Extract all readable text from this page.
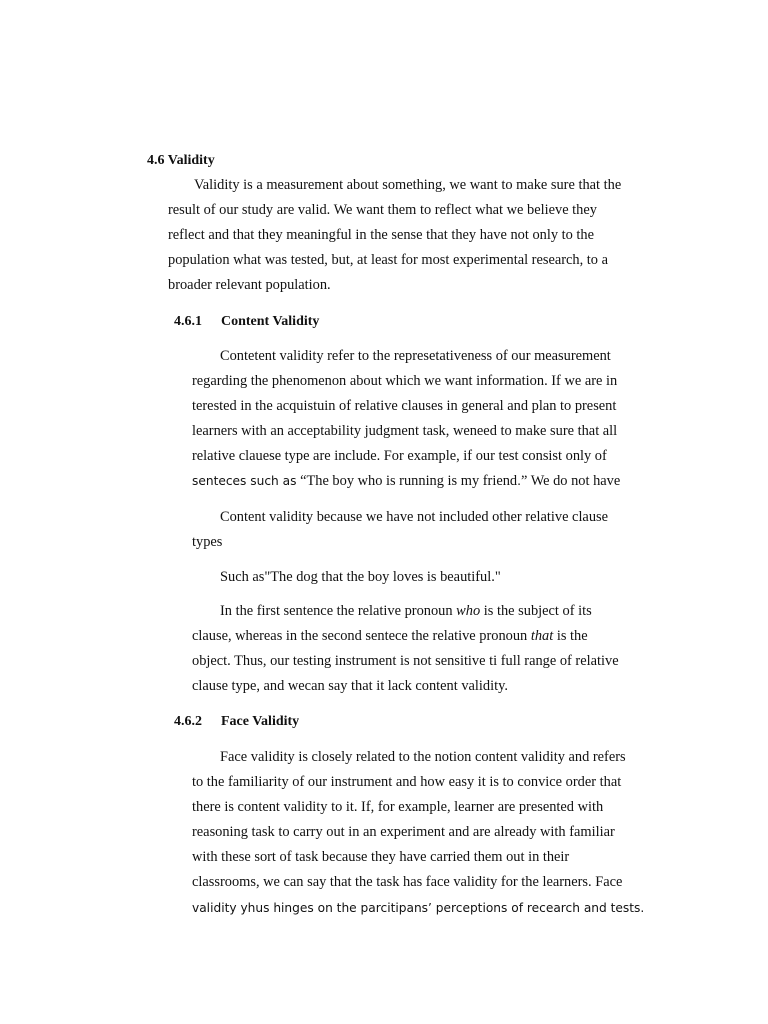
4.6 Validity
Validity is a measurement about something, we want to make sure that the
result of our study are valid. We want them to reflect what we believe they
reflect and that they meaningful in the sense that they have not only to the
population what was tested, but, at least for most experimental research, to a
broader relevant population.
4.6.1 Content Validity
Contetent validity refer to the represetativeness of our measurement
regarding the phenomenon about which we want information. If we are in
terested in the acquistuin of relative clauses in general and plan to present
learners with an acceptability judgment task, weneed to make sure that all
relative clauese type are include. For example, if our test consist only of
senteces such as “The boy who is running is my friend.” We do not have
Content validity because we have not included other relative clause
types
Such as"The dog that the boy loves is beautiful."
In the first sentence the relative pronoun who is the subject of its
clause, whereas in the second sentece the relative pronoun that is the
object. Thus, our testing instrument is not sensitive ti full range of relative
clause type, and wecan say that it lack content validity.
4.6.2 Face Validity
Face validity is closely related to the notion content validity and refers
to the familiarity of our instrument and how easy it is to convice order that
there is content validity to it. If, for example, learner are presented with
reasoning task to carry out in an experiment and are already with familiar
with these sort of task because they have carried them out in their
classrooms, we can say that the task has face validity for the learners. Face
validity yhus hinges on the parcitipans’ perceptions of recearch and tests.
